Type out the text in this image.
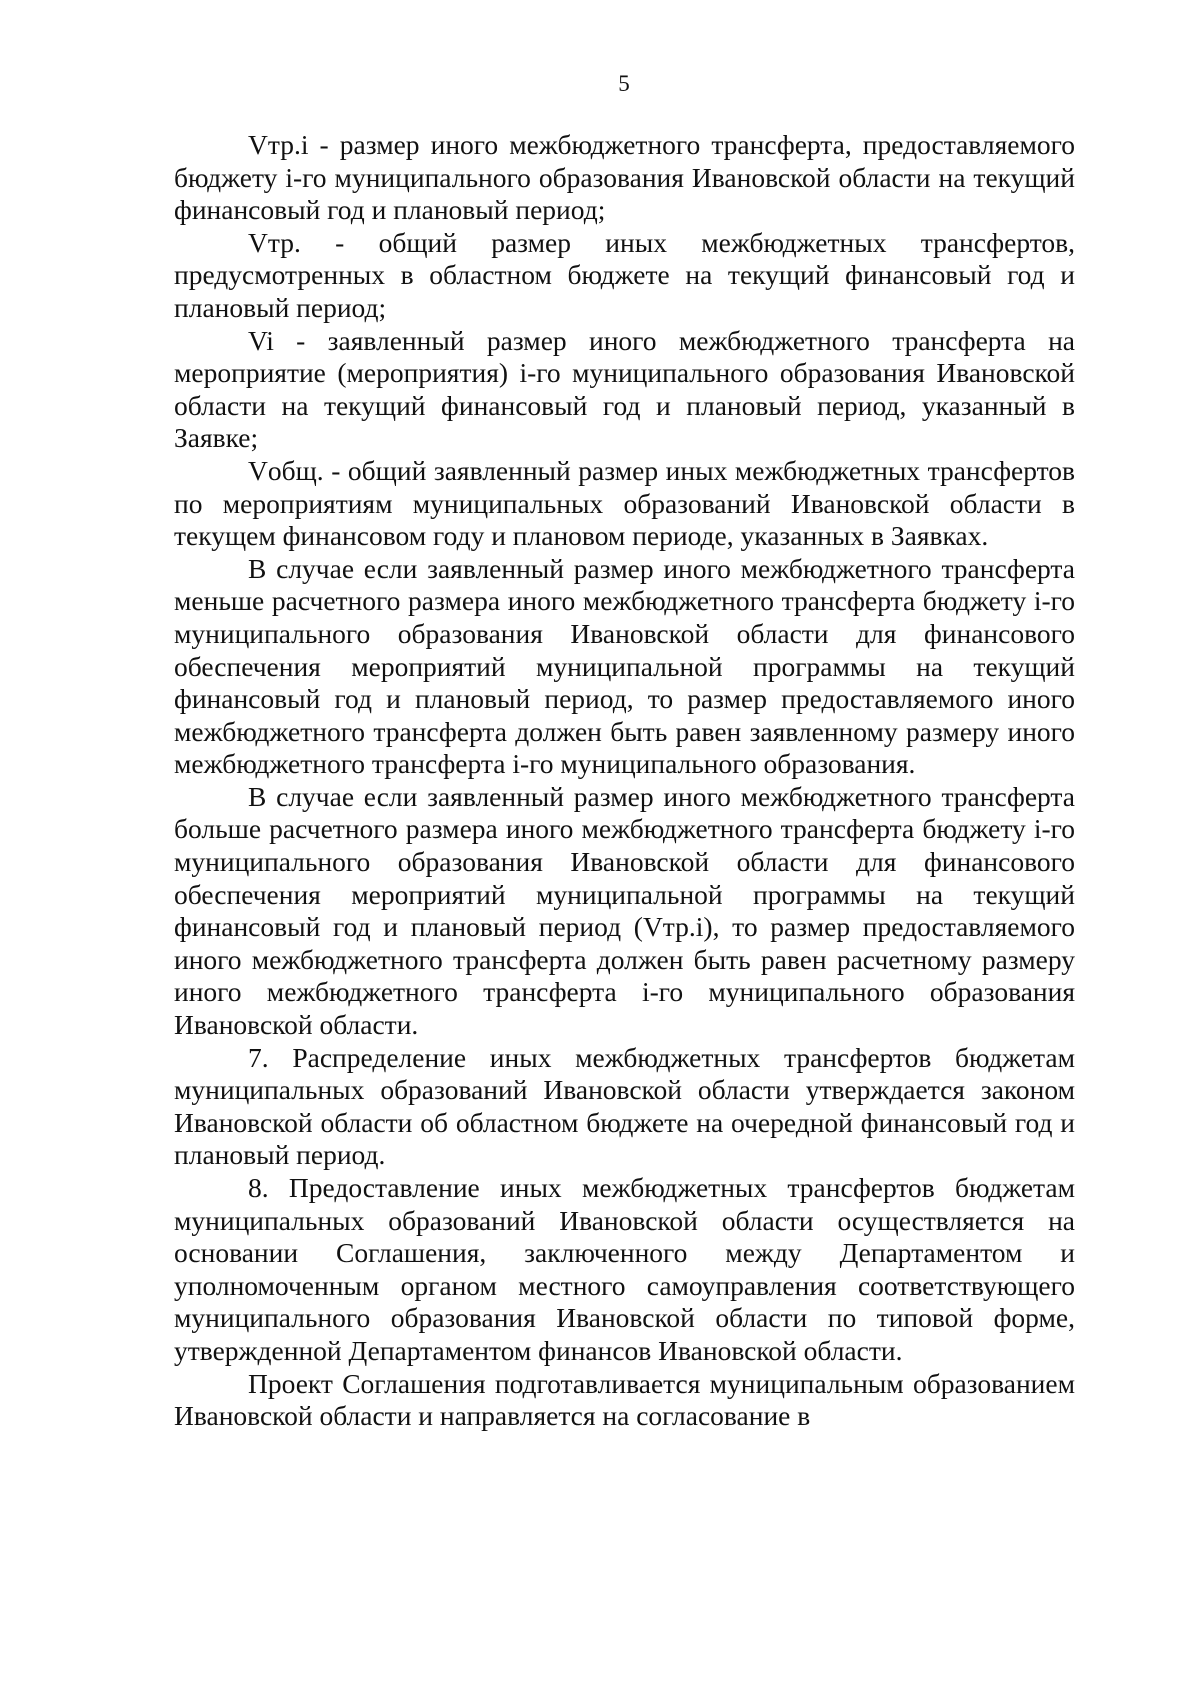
5

Vтр.i - размер иного межбюджетного трансферта, предоставляемого бюджету i-го муниципального образования Ивановской области на текущий финансовый год и плановый период;

Vтр. - общий размер иных межбюджетных трансфертов, предусмотренных в областном бюджете на текущий финансовый год и плановый период;

Vi - заявленный размер иного межбюджетного трансферта на мероприятие (мероприятия) i-го муниципального образования Ивановской области на текущий финансовый год и плановый период, указанный в Заявке;

Vобщ. - общий заявленный размер иных межбюджетных трансфертов по мероприятиям муниципальных образований Ивановской области в текущем финансовом году и плановом периоде, указанных в Заявках.

В случае если заявленный размер иного межбюджетного трансферта меньше расчетного размера иного межбюджетного трансферта бюджету i-го муниципального образования Ивановской области для финансового обеспечения мероприятий муниципальной программы на текущий финансовый год и плановый период, то размер предоставляемого иного межбюджетного трансферта должен быть равен заявленному размеру иного межбюджетного трансферта i-го муниципального образования.

В случае если заявленный размер иного межбюджетного трансферта больше расчетного размера иного межбюджетного трансферта бюджету i-го муниципального образования Ивановской области для финансового обеспечения мероприятий муниципальной программы на текущий финансовый год и плановый период (Vтр.i), то размер предоставляемого иного межбюджетного трансферта должен быть равен расчетному размеру иного межбюджетного трансферта i-го муниципального образования Ивановской области.

7. Распределение иных межбюджетных трансфертов бюджетам муниципальных образований Ивановской области утверждается законом Ивановской области об областном бюджете на очередной финансовый год и плановый период.

8. Предоставление иных межбюджетных трансфертов бюджетам муниципальных образований Ивановской области осуществляется на основании Соглашения, заключенного между Департаментом и уполномоченным органом местного самоуправления соответствующего муниципального образования Ивановской области по типовой форме, утвержденной Департаментом финансов Ивановской области.

Проект Соглашения подготавливается муниципальным образованием Ивановской области и направляется на согласование в
